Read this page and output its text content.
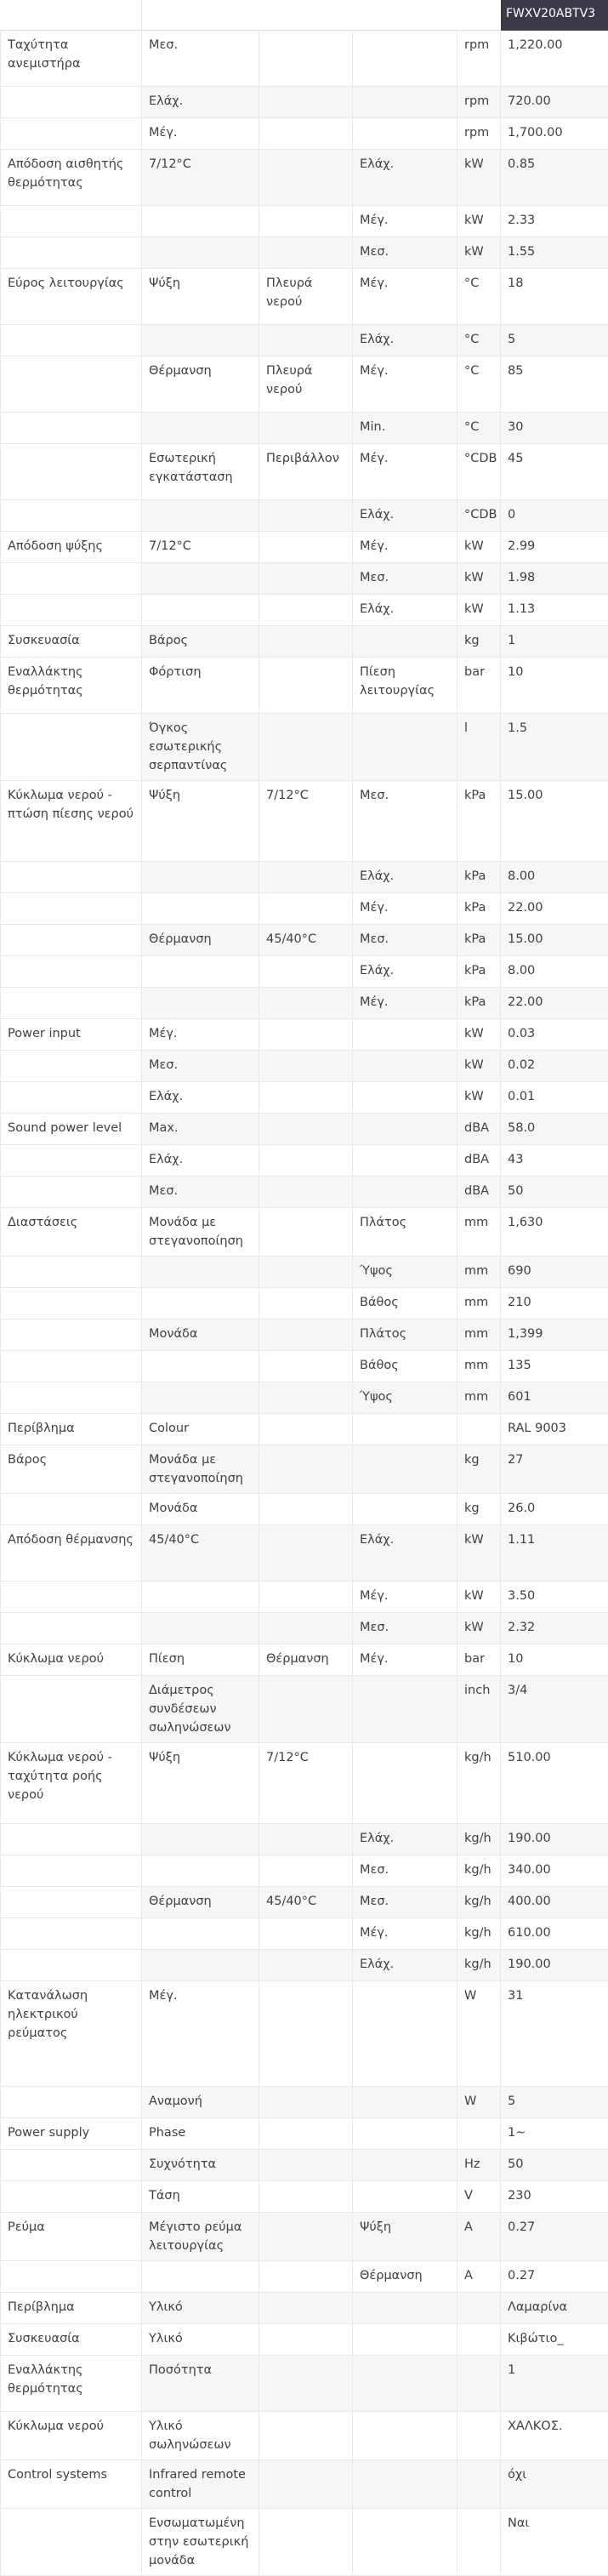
					FWXV20ABTV3
Ταχύτητα ανεμιστήρα	Μεσ.			rpm	1,220.00
	Ελάχ.			rpm	720.00
	Μέγ.			rpm	1,700.00
Απόδοση αισθητής θερμότητας	7/12°C		Ελάχ.	kW	0.85
			Μέγ.	kW	2.33
			Μεσ.	kW	1.55
Εύρος λειτουργίας	Ψύξη	Πλευρά νερού	Μέγ.	°C	18
			Ελάχ.	°C	5
	Θέρμανση	Πλευρά νερού	Μέγ.	°C	85
			Min.	°C	30
	Εσωτερική εγκατάσταση	Περιβάλλον	Μέγ.	°CDB	45
			Ελάχ.	°CDB	0
Απόδοση ψύξης	7/12°C		Μέγ.	kW	2.99
			Μεσ.	kW	1.98
			Ελάχ.	kW	1.13
Συσκευασία	Βάρος			kg	1
Εναλλάκτης θερμότητας	Φόρτιση		Πίεση λειτουργίας	bar	10
	Όγκος εσωτερικής σερπαντίνας			l	1.5
Κύκλωμα νερού - πτώση πίεσης νερού	Ψύξη	7/12°C	Μεσ.	kPa	15.00
			Ελάχ.	kPa	8.00
			Μέγ.	kPa	22.00
	Θέρμανση	45/40°C	Μεσ.	kPa	15.00
			Ελάχ.	kPa	8.00
			Μέγ.	kPa	22.00
Power input	Μέγ.			kW	0.03
	Μεσ.			kW	0.02
	Ελάχ.			kW	0.01
Sound power level	Max.			dBA	58.0
	Ελάχ.			dBA	43
	Μεσ.			dBA	50
Διαστάσεις	Μονάδα με στεγανοποίηση		Πλάτος	mm	1,630
			Ύψος	mm	690
			Βάθος	mm	210
	Μονάδα		Πλάτος	mm	1,399
			Βάθος	mm	135
			Ύψος	mm	601
Περίβλημα	Colour				RAL 9003
Βάρος	Μονάδα με στεγανοποίηση			kg	27
	Μονάδα			kg	26.0
Απόδοση θέρμανσης	45/40°C		Ελάχ.	kW	1.11
			Μέγ.	kW	3.50
			Μεσ.	kW	2.32
Κύκλωμα νερού	Πίεση	Θέρμανση	Μέγ.	bar	10
	Διάμετρος συνδέσεων σωληνώσεων			inch	3/4
Κύκλωμα νερού - ταχύτητα ροής νερού	Ψύξη	7/12°C		kg/h	510.00
			Ελάχ.	kg/h	190.00
			Μεσ.	kg/h	340.00
	Θέρμανση	45/40°C	Μεσ.	kg/h	400.00
			Μέγ.	kg/h	610.00
			Ελάχ.	kg/h	190.00
Κατανάλωση ηλεκτρικού ρεύματος	Μέγ.			W	31
	Αναμονή			W	5
Power supply	Phase				1~
	Συχνότητα			Hz	50
	Τάση			V	230
Ρεύμα	Μέγιστο ρεύμα λειτουργίας		Ψύξη	A	0.27
			Θέρμανση	A	0.27
Περίβλημα	Υλικό				Λαμαρίνα
Συσκευασία	Υλικό				Κιβώτιο_
Εναλλάκτης θερμότητας	Ποσότητα				1
Κύκλωμα νερού	Υλικό σωληνώσεων				ΧΑΛΚΟΣ.
Control systems	Infrared remote control				όχι
	Ενσωματωμένη στην εσωτερική μονάδα				Ναι
